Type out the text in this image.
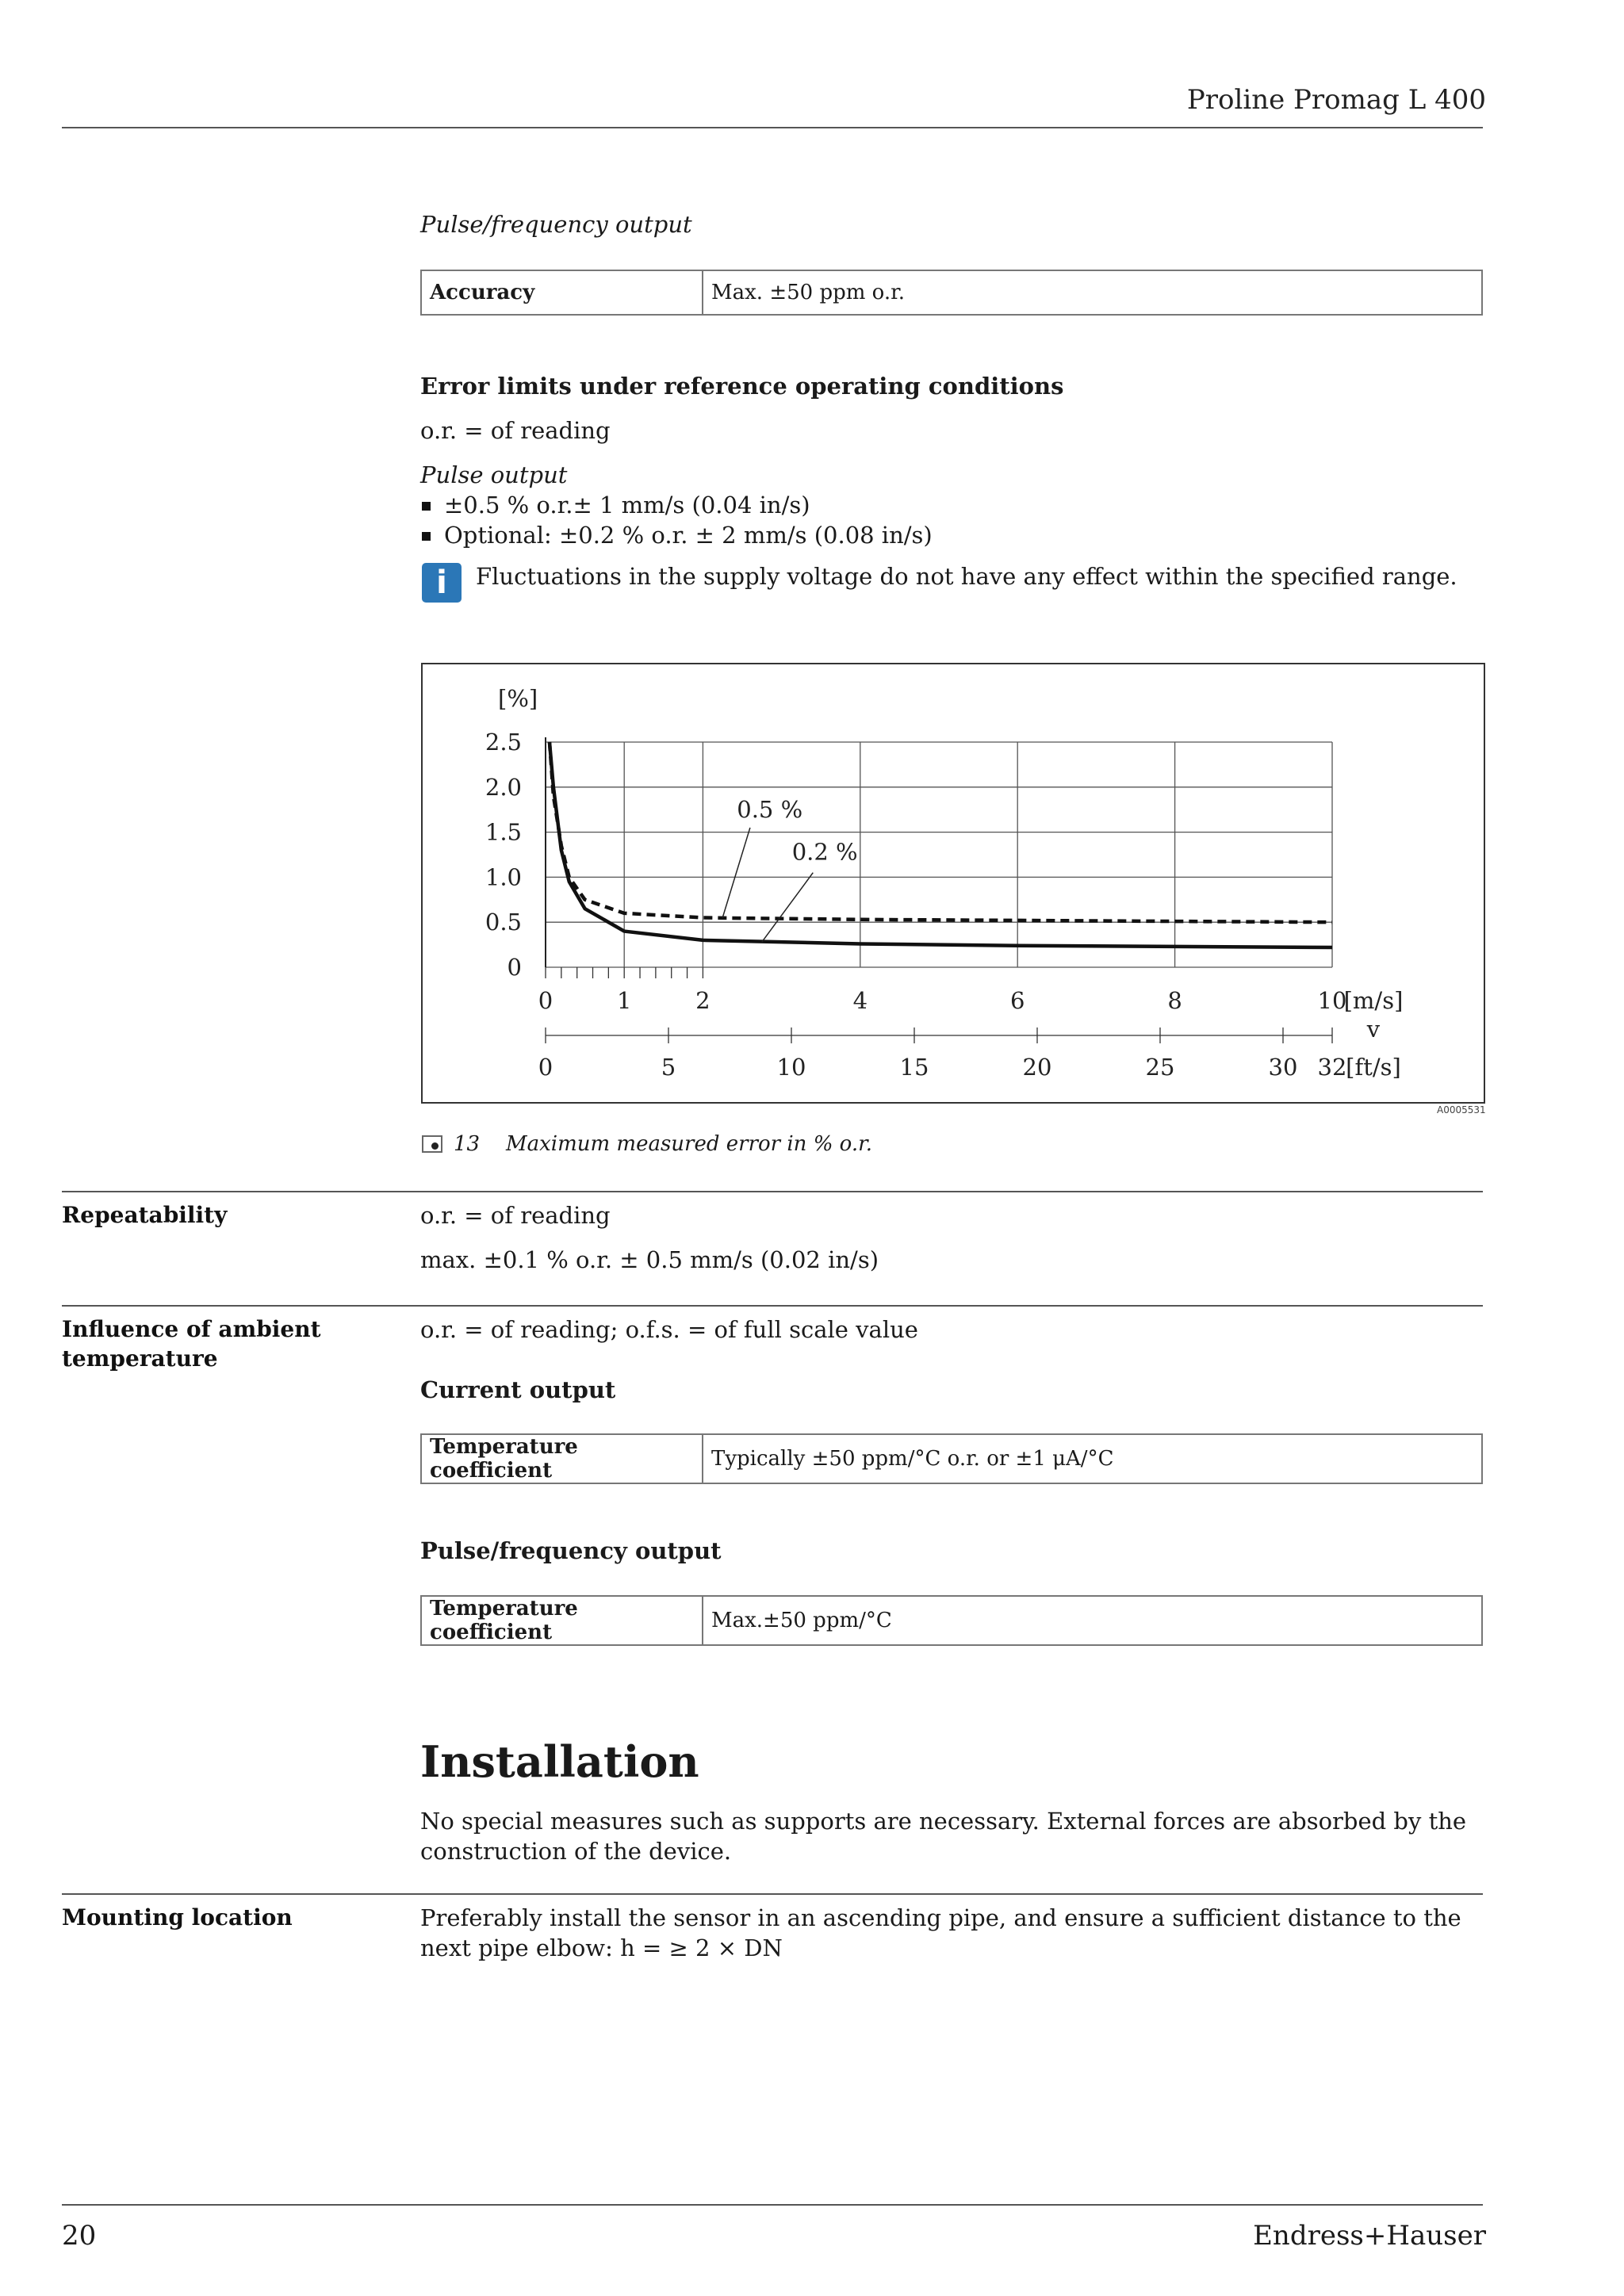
Proline Promag L 400
Pulse/frequency output
Accuracy	Max. ±50 ppm o.r.
Error limits under reference operating conditions
o.r. = of reading
Pulse output
±0.5 % o.r.± 1 mm/s (0.04 in/s)
Optional: ±0.2 % o.r. ± 2 mm/s (0.08 in/s)
i	Fluctuations in the supply voltage do not have any effect within the specified range.
0
0.5
1.0
1.5
2.0
2.5
[%]
0	1	2	4	6	8	10
[m/s]
v
0	5	10	15	20	25	30 32
[ft/s]
0.5 %
0.2 %
A0005531
13 Maximum measured error in % o.r.
Repeatability	o.r. = of reading
max. ±0.1 % o.r. ± 0.5 mm/s (0.02 in/s)
Influence of ambient temperature
o.r. = of reading; o.f.s. = of full scale value
Current output
Temperature coefficient	Typically ±50 ppm/°C o.r. or ±1 μA/°C
Pulse/frequency output
Temperature coefficient	Max.±50 ppm/°C
Installation
No special measures such as supports are necessary. External forces are absorbed by the construction of the device.
Mounting location	Preferably install the sensor in an ascending pipe, and ensure a sufficient distance to the next pipe elbow: h = ≥ 2 × DN
20	Endress+Hauser
